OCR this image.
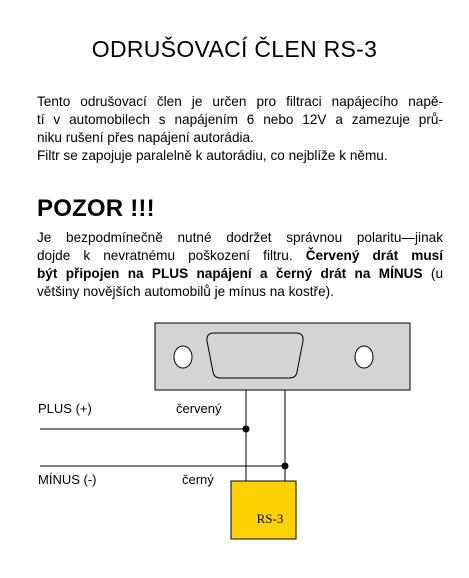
ODRUŠOVACÍ ČLEN RS-3
Tento odrušovací člen je určen pro filtraci napájecího napě-
tí v automobilech s napájením 6 nebo 12V a zamezuje prů-
niku rušení přes napájení autorádia.
Filtr se zapojuje paralelně k autorádiu, co nejblíže k němu.
POZOR !!!
Je bezpodmínečně nutné dodržet správnou polaritu—jinak
dojde k nevratnému poškození filtru. Červený drát musí
být připojen na PLUS napájení a černý drát na MÍNUS (u
většiny novějších automobilů je mínus na kostře).
RS-3
PLUS (+)	červený
MÍNUS (-)	černý
